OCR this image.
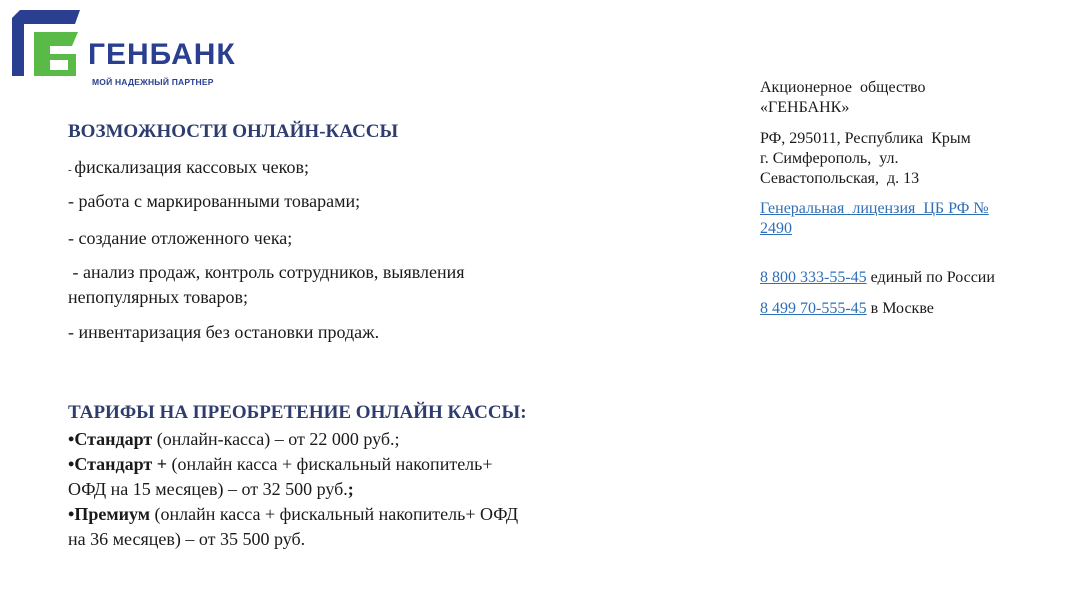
ГЕНБАНК
МОЙ НАДЕЖНЫЙ ПАРТНЕР
ВОЗМОЖНОСТИ ОНЛАЙН-КАССЫ
- фискализация кассовых чеков;
- работа с маркированными товарами;
- создание отложенного чека;
- анализ продаж, контроль сотрудников, выявления
непопулярных товаров;
- инвентаризация без остановки продаж.
ТАРИФЫ НА ПРЕОБРЕТЕНИЕ ОНЛАЙН КАССЫ:
•Стандарт (онлайн-касса) – от 22 000 руб.;
•Стандарт + (онлайн касса + фискальный накопитель+
ОФД на 15 месяцев) – от 32 500 руб.;
•Премиум (онлайн касса + фискальный накопитель+ ОФД
на 36 месяцев) – от 35 500 руб.
Акционерное  общество
«ГЕНБАНК»
РФ, 295011, Республика  Крым
г. Симферополь,  ул.
Севастопольская,  д. 13
Генеральная  лицензия  ЦБ РФ №
2490
8 800 333-55-45 единый по России
8 499 70-555-45 в Москве
